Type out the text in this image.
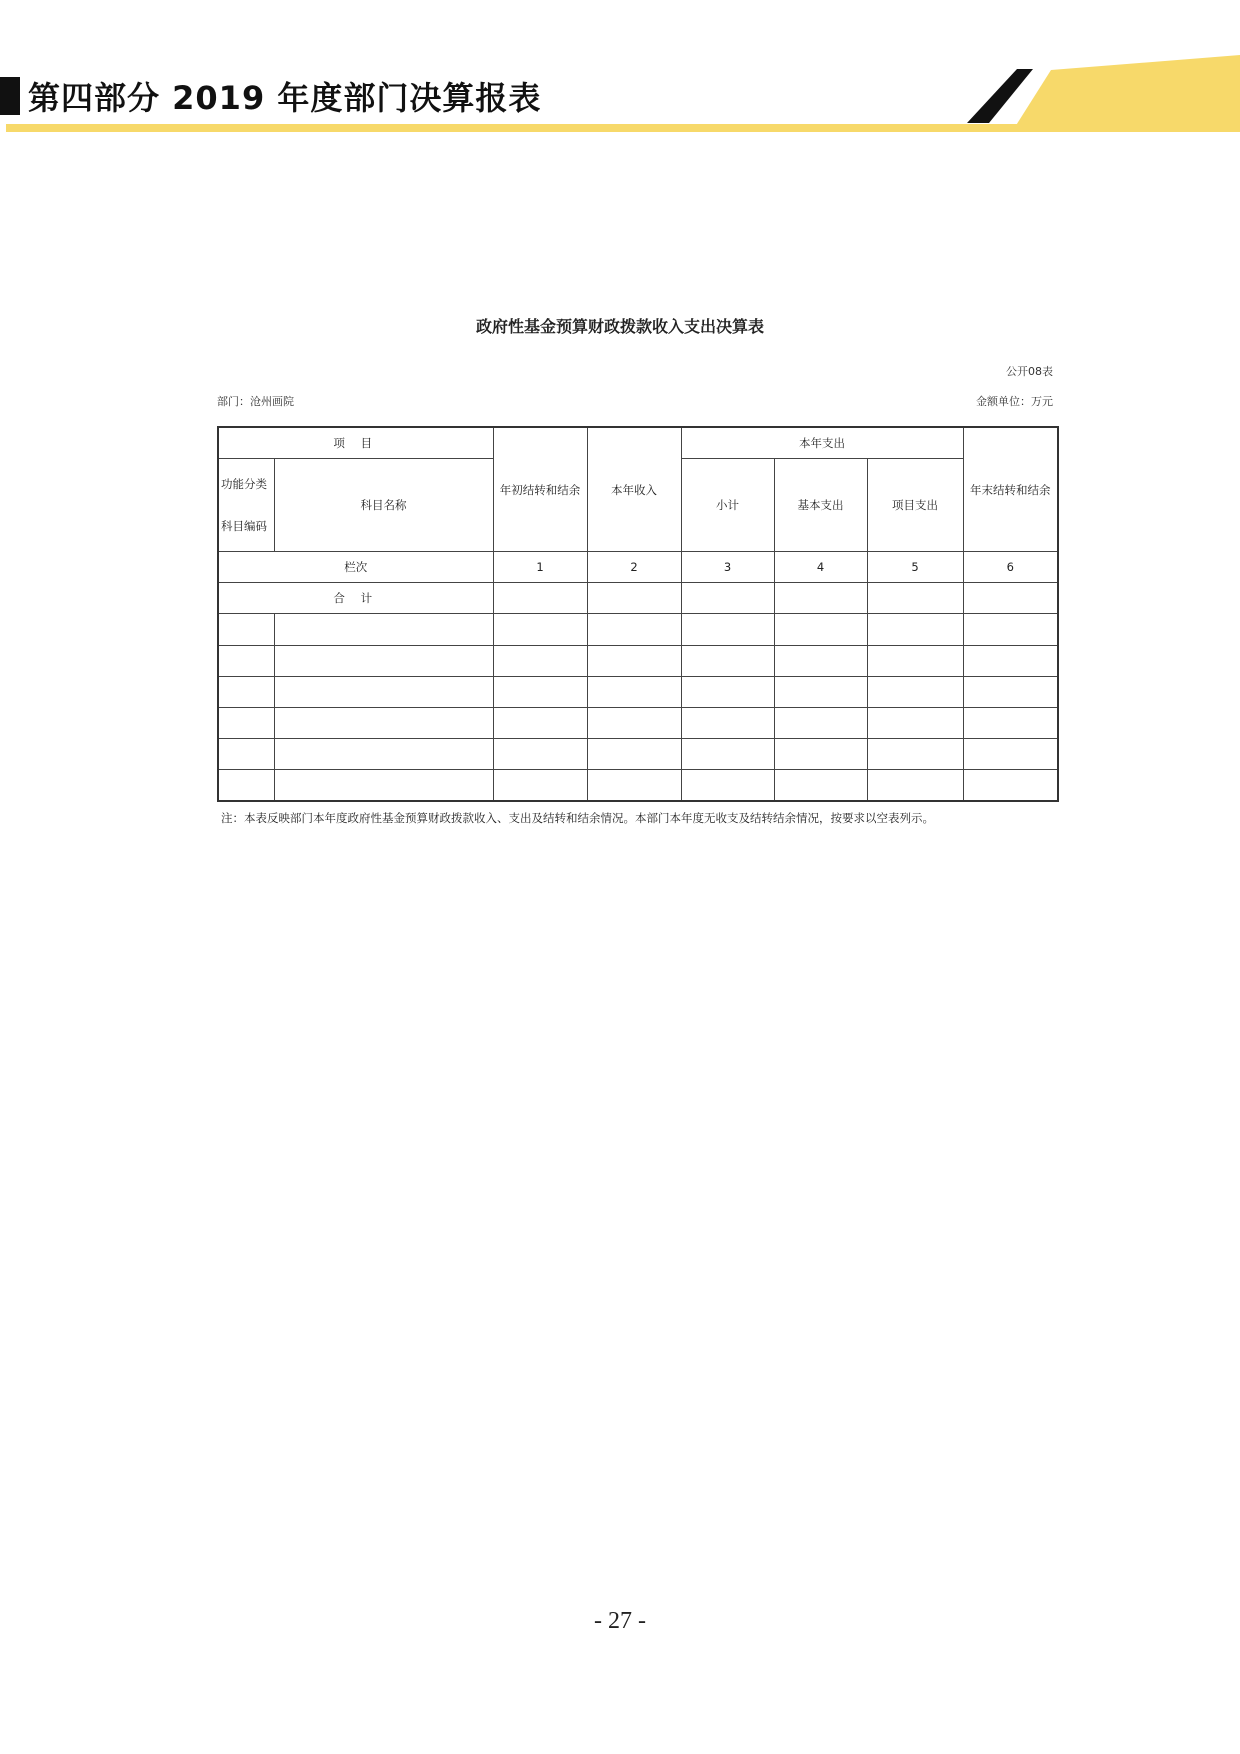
第四部分 2019 年度部门决算报表
政府性基金预算财政拨款收入支出决算表
公开08表
部门：沧州画院	金额单位：万元
项 目		年初结转和结余	本年收入	本年支出			年末结转和结余

功能分类
科目编码	科目名称			小计	基本支出	项目支出	
栏次		1	2	3	4	5	6
合 计							

注：本表反映部门本年度政府性基金预算财政拨款收入、支出及结转和结余情况。本部门本年度无收支及结转结余情况，按要求以空表列示。
- 27 -
